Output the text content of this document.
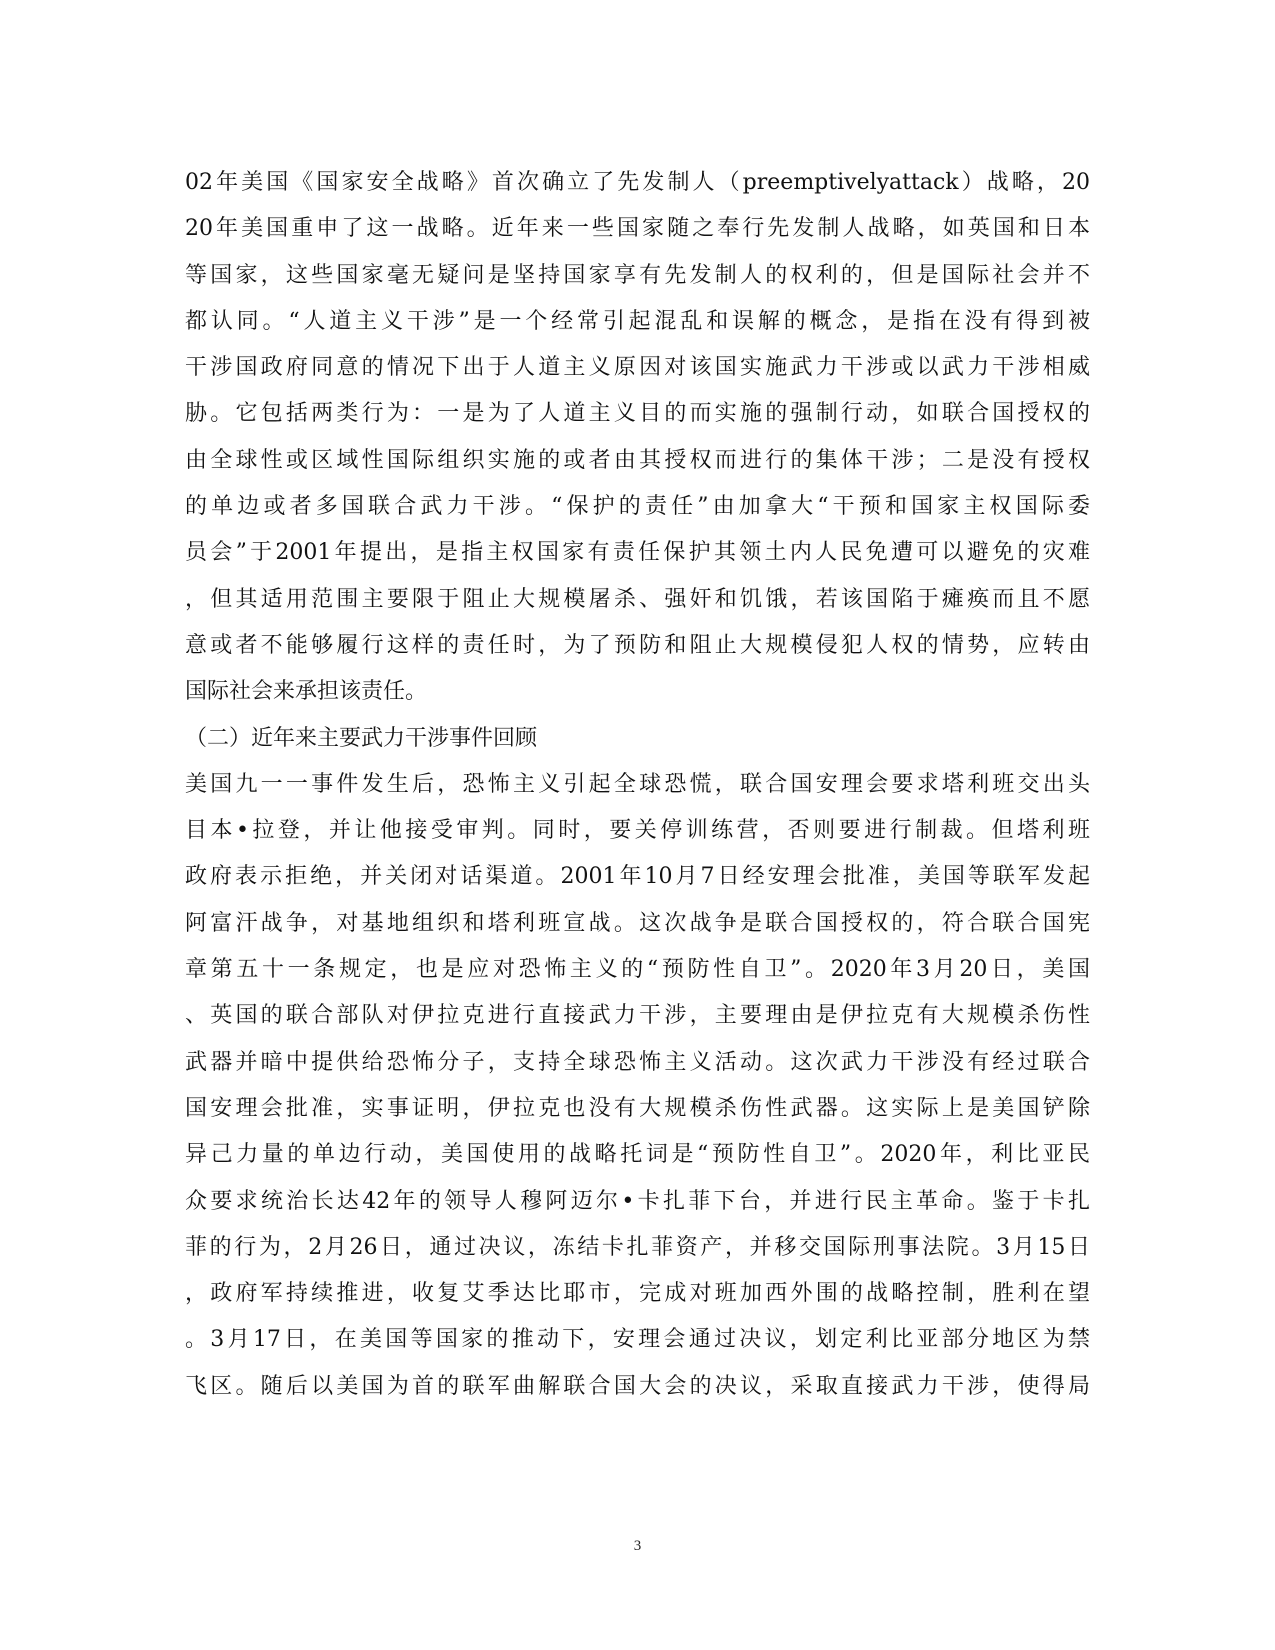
02年美国《国家安全战略》首次确立了先发制人（preemptivelyattack）战略，20
20年美国重申了这一战略。近年来一些国家随之奉行先发制人战略，如英国和日本
等国家，这些国家毫无疑问是坚持国家享有先发制人的权利的，但是国际社会并不
都认同。“人道主义干涉”是一个经常引起混乱和误解的概念，是指在没有得到被
干涉国政府同意的情况下出于人道主义原因对该国实施武力干涉或以武力干涉相威
胁。它包括两类行为：一是为了人道主义目的而实施的强制行动，如联合国授权的
由全球性或区域性国际组织实施的或者由其授权而进行的集体干涉；二是没有授权
的单边或者多国联合武力干涉。“保护的责任”由加拿大“干预和国家主权国际委
员会”于2001年提出，是指主权国家有责任保护其领土内人民免遭可以避免的灾难
，但其适用范围主要限于阻止大规模屠杀、强奸和饥饿，若该国陷于瘫痪而且不愿
意或者不能够履行这样的责任时，为了预防和阻止大规模侵犯人权的情势，应转由
国际社会来承担该责任。
（二）近年来主要武力干涉事件回顾
美国九一一事件发生后，恐怖主义引起全球恐慌，联合国安理会要求塔利班交出头
目本•拉登，并让他接受审判。同时，要关停训练营，否则要进行制裁。但塔利班
政府表示拒绝，并关闭对话渠道。2001年10月7日经安理会批准，美国等联军发起
阿富汗战争，对基地组织和塔利班宣战。这次战争是联合国授权的，符合联合国宪
章第五十一条规定，也是应对恐怖主义的“预防性自卫”。2020年3月20日，美国
、英国的联合部队对伊拉克进行直接武力干涉，主要理由是伊拉克有大规模杀伤性
武器并暗中提供给恐怖分子，支持全球恐怖主义活动。这次武力干涉没有经过联合
国安理会批准，实事证明，伊拉克也没有大规模杀伤性武器。这实际上是美国铲除
异己力量的单边行动，美国使用的战略托词是“预防性自卫”。2020年，利比亚民
众要求统治长达42年的领导人穆阿迈尔•卡扎菲下台，并进行民主革命。鉴于卡扎
菲的行为，2月26日，通过决议，冻结卡扎菲资产，并移交国际刑事法院。3月15日
，政府军持续推进，收复艾季达比耶市，完成对班加西外围的战略控制，胜利在望
。3月17日，在美国等国家的推动下，安理会通过决议，划定利比亚部分地区为禁
飞区。随后以美国为首的联军曲解联合国大会的决议，采取直接武力干涉，使得局
3
